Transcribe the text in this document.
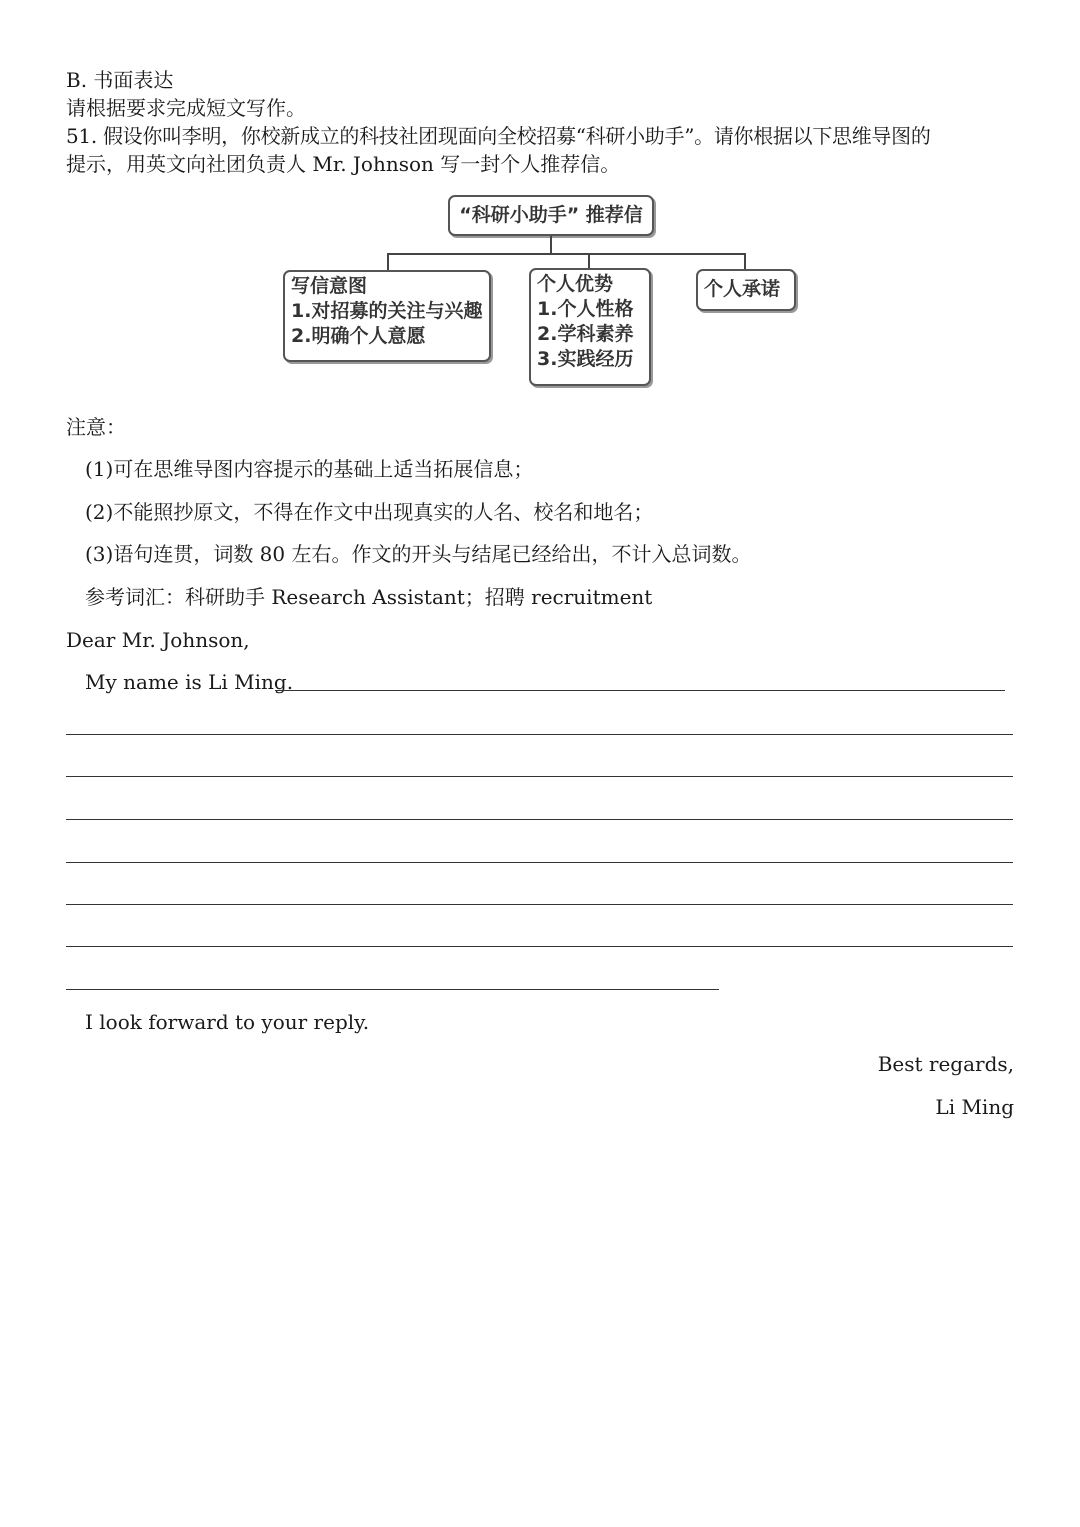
B. 书面表达
请根据要求完成短文写作。
51. 假设你叫李明，你校新成立的科技社团现面向全校招募“科研小助手”。请你根据以下思维导图的
提示，用英文向社团负责人 Mr. Johnson 写一封个人推荐信。
“科研小助手” 推荐信
写信意图
1.对招募的关注与兴趣
2.明确个人意愿
个人优势
1.个人性格
2.学科素养
3.实践经历
个人承诺
注意：
(1)可在思维导图内容提示的基础上适当拓展信息；
(2)不能照抄原文，不得在作文中出现真实的人名、校名和地名；
(3)语句连贯，词数 80 左右。作文的开头与结尾已经给出，不计入总词数。
参考词汇：科研助手 Research Assistant；招聘 recruitment
Dear Mr. Johnson,
My name is Li Ming.
I look forward to your reply.
Best regards,
Li Ming
